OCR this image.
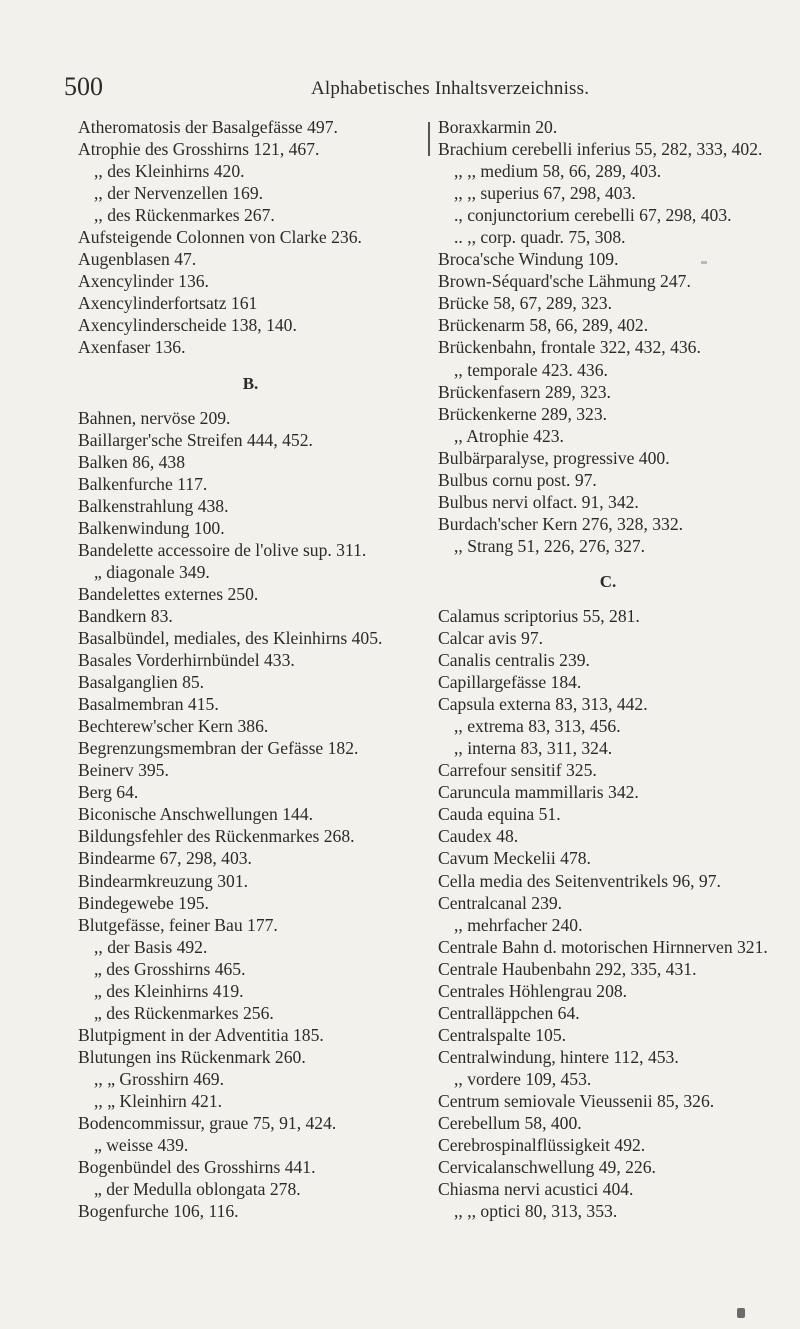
500	Alphabetisches Inhaltsverzeichniss.
Atheromatosis der Basalgefässe 497.
Atrophie des Grosshirns 121, 467.
,, des Kleinhirns 420.
,, der Nervenzellen 169.
,, des Rückenmarkes 267.
Aufsteigende Colonnen von Clarke 236.
Augenblasen 47.
Axencylinder 136.
Axencylinderfortsatz 161
Axencylinderscheide 138, 140.
Axenfaser 136.
B.
Bahnen, nervöse 209.
Baillarger'sche Streifen 444, 452.
Balken 86, 438
Balkenfurche 117.
Balkenstrahlung 438.
Balkenwindung 100.
Bandelette accessoire de l'olive sup. 311.
„ diagonale 349.
Bandelettes externes 250.
Bandkern 83.
Basalbündel, mediales, des Kleinhirns 405.
Basales Vorderhirnbündel 433.
Basalganglien 85.
Basalmembran 415.
Bechterew'scher Kern 386.
Begrenzungsmembran der Gefässe 182.
Beinerv 395.
Berg 64.
Biconische Anschwellungen 144.
Bildungsfehler des Rückenmarkes 268.
Bindearme 67, 298, 403.
Bindearmkreuzung 301.
Bindegewebe 195.
Blutgefässe, feiner Bau 177.
,, der Basis 492.
„ des Grosshirns 465.
„ des Kleinhirns 419.
„ des Rückenmarkes 256.
Blutpigment in der Adventitia 185.
Blutungen ins Rückenmark 260.
,, „ Grosshirn 469.
,, „ Kleinhirn 421.
Bodencommissur, graue 75, 91, 424.
„ weisse 439.
Bogenbündel des Grosshirns 441.
„ der Medulla oblongata 278.
Bogenfurche 106, 116.
Boraxkarmin 20.
Brachium cerebelli inferius 55, 282, 333, 402.
,, ,, medium 58, 66, 289, 403.
,, ,, superius 67, 298, 403.
., conjunctorium cerebelli 67, 298, 403.
.. ,, corp. quadr. 75, 308.
Broca'sche Windung 109.
Brown-Séquard'sche Lähmung 247.
Brücke 58, 67, 289, 323.
Brückenarm 58, 66, 289, 402.
Brückenbahn, frontale 322, 432, 436.
,, temporale 423. 436.
Brückenfasern 289, 323.
Brückenkerne 289, 323.
,, Atrophie 423.
Bulbärparalyse, progressive 400.
Bulbus cornu post. 97.
Bulbus nervi olfact. 91, 342.
Burdach'scher Kern 276, 328, 332.
,, Strang 51, 226, 276, 327.
C.
Calamus scriptorius 55, 281.
Calcar avis 97.
Canalis centralis 239.
Capillargefässe 184.
Capsula externa 83, 313, 442.
,, extrema 83, 313, 456.
,, interna 83, 311, 324.
Carrefour sensitif 325.
Caruncula mammillaris 342.
Cauda equina 51.
Caudex 48.
Cavum Meckelii 478.
Cella media des Seitenventrikels 96, 97.
Centralcanal 239.
,, mehrfacher 240.
Centrale Bahn d. motorischen Hirnnerven 321.
Centrale Haubenbahn 292, 335, 431.
Centrales Höhlengrau 208.
Centralläppchen 64.
Centralspalte 105.
Centralwindung, hintere 112, 453.
,, vordere 109, 453.
Centrum semiovale Vieussenii 85, 326.
Cerebellum 58, 400.
Cerebrospinalflüssigkeit 492.
Cervicalanschwellung 49, 226.
Chiasma nervi acustici 404.
,, ,, optici 80, 313, 353.
